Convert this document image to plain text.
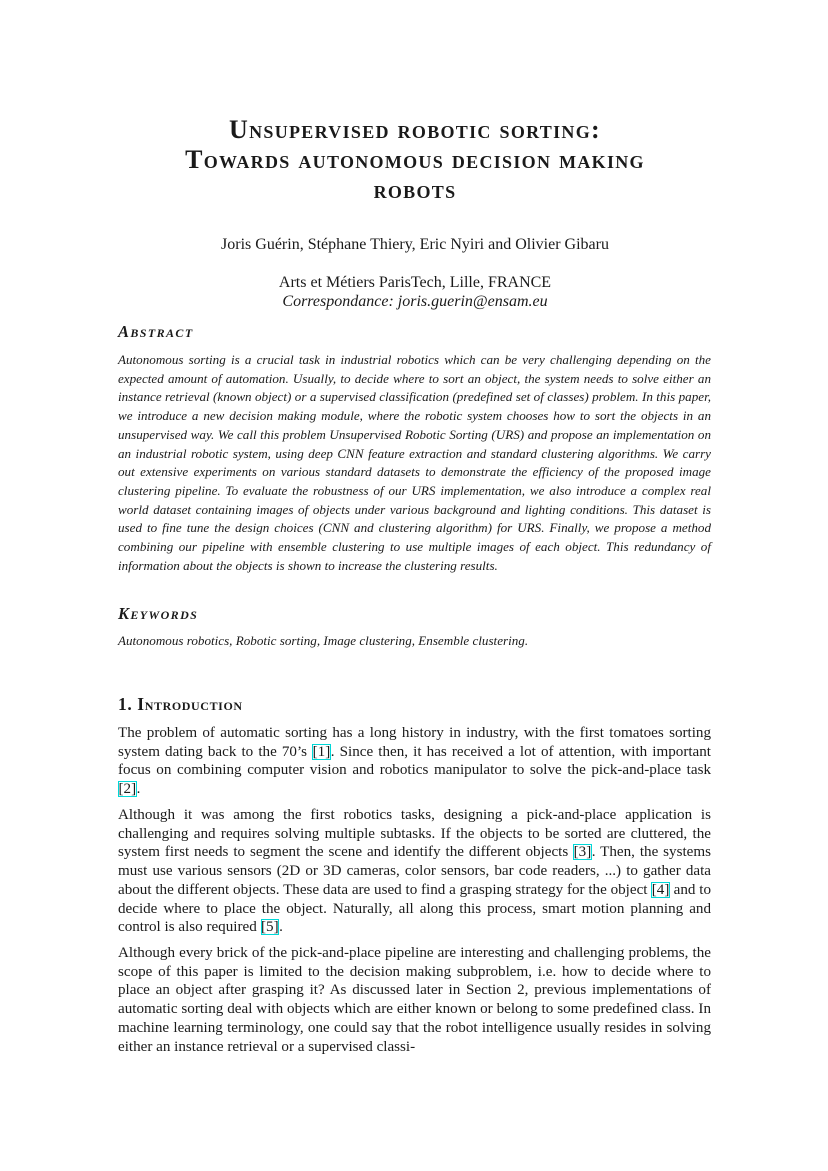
Unsupervised robotic sorting:
Towards autonomous decision making
robots
Joris Guérin, Stéphane Thiery, Eric Nyiri and Olivier Gibaru
Arts et Métiers ParisTech, Lille, FRANCE
Correspondance: joris.guerin@ensam.eu
Abstract
Autonomous sorting is a crucial task in industrial robotics which can be very challenging depending on the expected amount of automation. Usually, to decide where to sort an object, the system needs to solve either an instance retrieval (known object) or a supervised classification (predefined set of classes) problem. In this paper, we introduce a new decision making module, where the robotic system chooses how to sort the objects in an unsupervised way. We call this problem Unsupervised Robotic Sorting (URS) and propose an implementation on an industrial robotic system, using deep CNN feature extraction and standard clustering algorithms. We carry out extensive experiments on various standard datasets to demonstrate the efficiency of the proposed image clustering pipeline. To evaluate the robustness of our URS implementation, we also introduce a complex real world dataset containing images of objects under various background and lighting conditions. This dataset is used to fine tune the design choices (CNN and clustering algorithm) for URS. Finally, we propose a method combining our pipeline with ensemble clustering to use multiple images of each object. This redundancy of information about the objects is shown to increase the clustering results.
Keywords
Autonomous robotics, Robotic sorting, Image clustering, Ensemble clustering.
1. Introduction
The problem of automatic sorting has a long history in industry, with the first tomatoes sorting system dating back to the 70’s [1]. Since then, it has received a lot of attention, with important focus on combining computer vision and robotics manipulator to solve the pick-and-place task [2].
Although it was among the first robotics tasks, designing a pick-and-place application is challenging and requires solving multiple subtasks. If the objects to be sorted are cluttered, the system first needs to segment the scene and identify the different objects [3]. Then, the systems must use various sensors (2D or 3D cameras, color sensors, bar code readers, ...) to gather data about the different objects. These data are used to find a grasping strategy for the object [4] and to decide where to place the object. Naturally, all along this process, smart motion planning and control is also required [5].
Although every brick of the pick-and-place pipeline are interesting and challenging problems, the scope of this paper is limited to the decision making subproblem, i.e. how to decide where to place an object after grasping it? As discussed later in Section 2, previous implementations of automatic sorting deal with objects which are either known or belong to some predefined class. In machine learning terminology, one could say that the robot intelligence usually resides in solving either an instance retrieval or a supervised classi-
